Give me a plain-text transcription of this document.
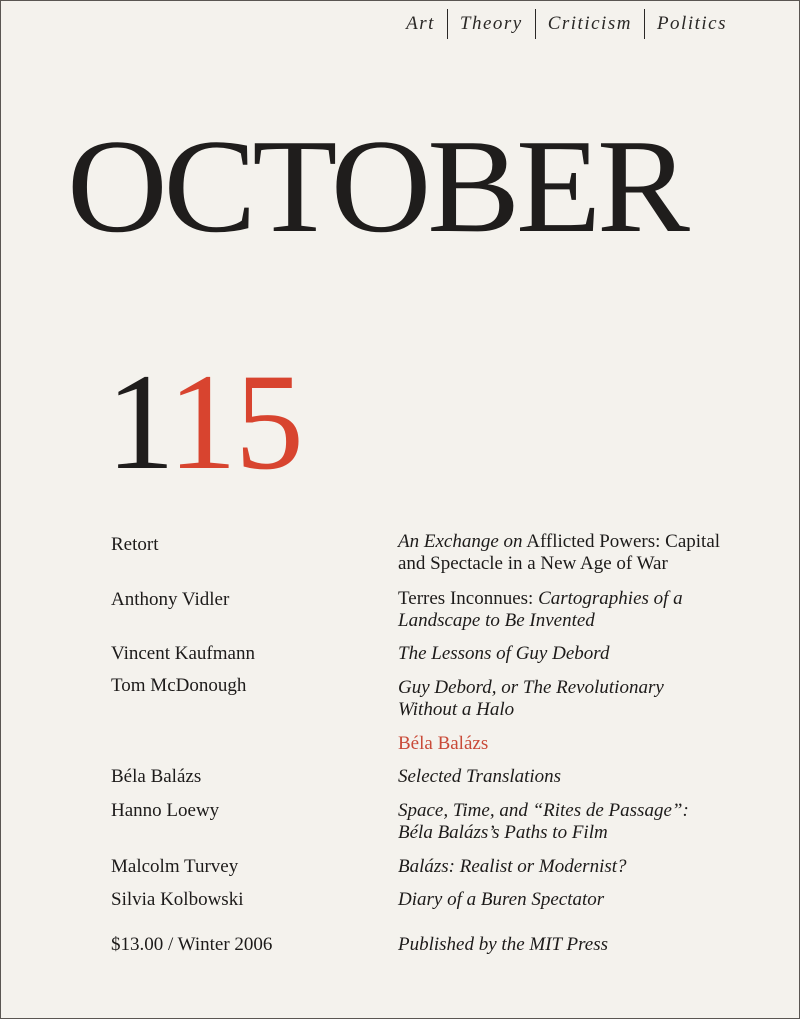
Art	Theory	Criticism	Politics
OCTOBER
115

Retort	An Exchange on Afflicted Powers: Capital and Spectacle in a New Age of War

Anthony Vidler	Terres Inconnues: Cartographies of a Landscape to Be Invented

Vincent Kaufmann	The Lessons of Guy Debord

Tom McDonough	Guy Debord, or The Revolutionary Without a Halo

Béla Balázs

Béla Balázs	Selected Translations

Hanno Loewy	Space, Time, and “Rites de Passage”: Béla Balázs’s Paths to Film

Malcolm Turvey	Balázs: Realist or Modernist?

Silvia Kolbowski	Diary of a Buren Spectator

$13.00 / Winter 2006	Published by the MIT Press
